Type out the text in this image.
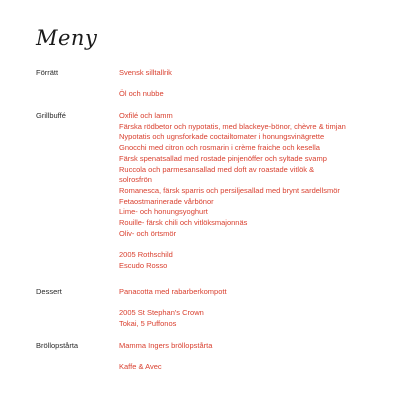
Meny
Förrätt	Svensk silltallrik
Öl och nubbe
Grillbuffé	Oxfilé och lamm
Färska rödbetor och nypotatis, med blackeye-bönor, chèvre & timjan
Nypotatis och ugnsforkade coctailtomater i honungsvinägrette
Gnocchi med citron och rosmarin i crème fraiche och kesella
Färsk spenatsallad med rostade pinjenöffer och syltade svamp
Ruccola och parmesansallad med doft av roastade vitlök &
solrosfrön
Romanesca, färsk sparris och persiljesallad med brynt sardellsmör
Fetaostmarinerade vårbönor
Lime- och honungsyoghurt
Rouille- färsk chili och vitlöksmajonnäs
Oliv- och örtsmör
2005 Rothschild
Escudo Rosso
Dessert	Panacotta med rabarberkompott
2005 St Stephan's Crown
Tokai, 5 Puffonos
Bröllopstårta	Mamma Ingers bröllopstårta
Kaffe & Avec
